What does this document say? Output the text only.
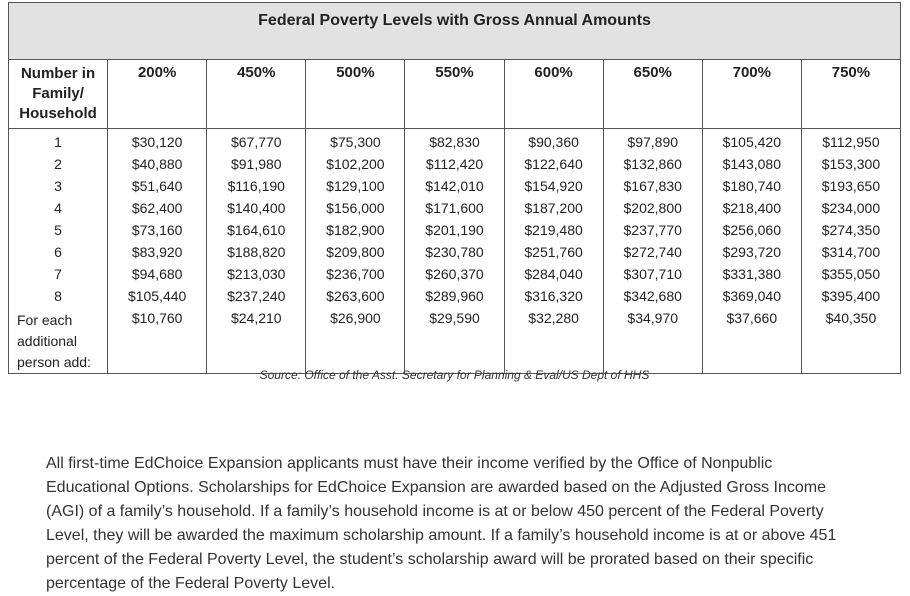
Federal Poverty Levels with Gross Annual Amounts								
Number in
Family/
Household	200%	450%	500%	550%	600%	650%	700%	750%
1	$30,120	$67,770	$75,300	$82,830	$90,360	$97,890	$105,420	$112,950
2	$40,880	$91,980	$102,200	$112,420	$122,640	$132,860	$143,080	$153,300
3	$51,640	$116,190	$129,100	$142,010	$154,920	$167,830	$180,740	$193,650
4	$62,400	$140,400	$156,000	$171,600	$187,200	$202,800	$218,400	$234,000
5	$73,160	$164,610	$182,900	$201,190	$219,480	$237,770	$256,060	$274,350
6	$83,920	$188,820	$209,800	$230,780	$251,760	$272,740	$293,720	$314,700
7	$94,680	$213,030	$236,700	$260,370	$284,040	$307,710	$331,380	$355,050
8	$105,440	$237,240	$263,600	$289,960	$316,320	$342,680	$369,040	$395,400
For each
additional
person add:	$10,760	$24,210	$26,900	$29,590	$32,280	$34,970	$37,660	$40,350
Source: Office of the Asst. Secretary for Planning & Eval/US Dept of HHS

All first-time EdChoice Expansion applicants must have their income verified by the Office of Nonpublic Educational Options. Scholarships for EdChoice Expansion are awarded based on the Adjusted Gross Income (AGI) of a family’s household. If a family’s household income is at or below 450 percent of the Federal Poverty Level, they will be awarded the maximum scholarship amount. If a family’s household income is at or above 451 percent of the Federal Poverty Level, the student’s scholarship award will be prorated based on their specific percentage of the Federal Poverty Level.
